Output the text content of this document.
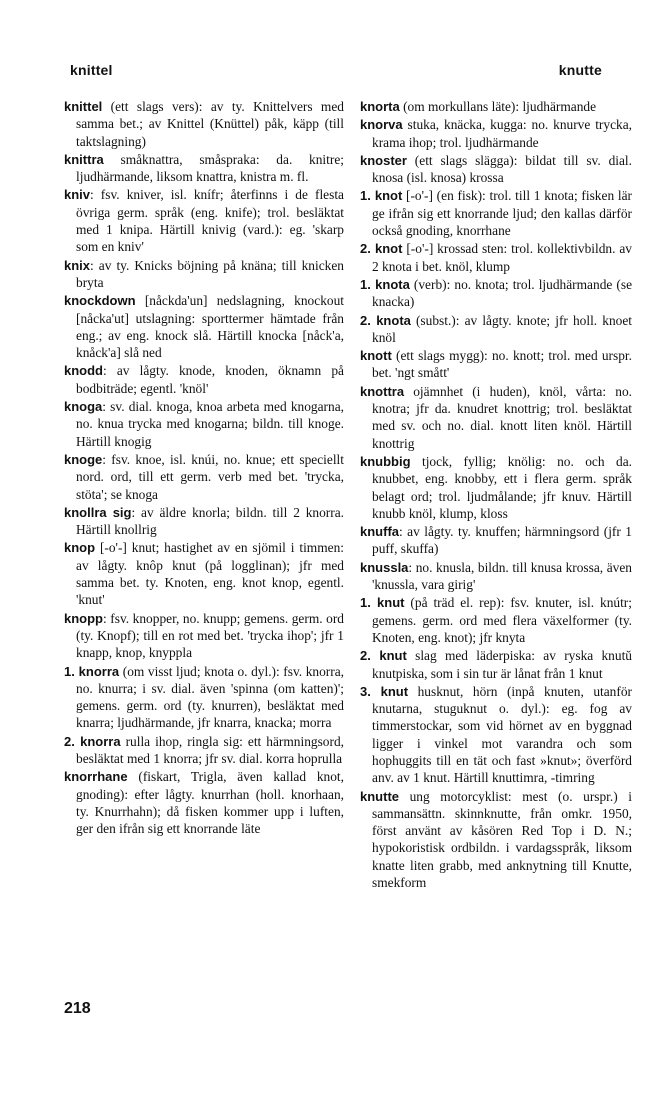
knittel	knutte

knittel (ett slags vers): av ty. Knittelvers med samma bet.; av Knittel (Knüttel) påk, käpp (till taktslagning)

knittra småknattra, småsprakа: da. knitre; ljudhärmande, liksom knattra, knistra m. fl.

kniv: fsv. kniver, isl. knífr; återfinns i de flesta övriga germ. språk (eng. knife); trol. besläktat med 1 knipa. Härtill knivig (vard.): eg. 'skarp som en kniv'

knix: av ty. Knicks böjning på knäna; till knicken bryta

knockdown [nåckda'un] nedslagning, knockout [nåcka'ut] utslagning: sporttermer hämtade från eng.; av eng. knock slå. Härtill knocka [nåck'a, knåck'a] slå ned

knodd: av lågty. knode, knoden, öknamn på bodbiträde; egentl. 'knöl'

knoga: sv. dial. knoga, knoa arbeta med knogarna, no. knua trycka med knogarna; bildn. till knoge. Härtill knogig

knoge: fsv. knoe, isl. knúi, no. knue; ett speciellt nord. ord, till ett germ. verb med bet. 'trycka, stöta'; se knoga

knollra sig: av äldre knorla; bildn. till 2 knorra. Härtill knollrig

knop [-o'-] knut; hastighet av en sjömil i timmen: av lågty. knôp knut (på logglinan); jfr med samma bet. ty. Knoten, eng. knot knop, egentl. 'knut'

knopp: fsv. knopper, no. knupp; gemens. germ. ord (ty. Knopf); till en rot med bet. 'trycka ihop'; jfr 1 knapp, knop, knyppla

1. knorra (om visst ljud; knota o. dyl.): fsv. knorra, no. knurra; i sv. dial. även 'spinna (om katten)'; gemens. germ. ord (ty. knurren), besläktat med knarra; ljudhärmande, jfr knarra, knacka; morra

2. knorra rulla ihop, ringla sig: ett härmningsord, besläktat med 1 knorra; jfr sv. dial. korra hoprulla

knorrhane (fiskart, Trigla, även kallad knot, gnoding): efter lågty. knurrhan (holl. knorhaan, ty. Knurrhahn); då fisken kommer upp i luften, ger den ifrån sig ett knorrande läte

knorta (om morkullans läte): ljudhärmande

knorva stuka, knäcka, kugga: no. knurve trycka, krama ihop; trol. ljudhärmande

knoster (ett slags slägga): bildat till sv. dial. knosa (isl. knosa) krossa

1. knot [-o'-] (en fisk): trol. till 1 knota; fisken lär ge ifrån sig ett knorrande ljud; den kallas därför också gnoding, knorrhane

2. knot [-o'-] krossad sten: trol. kollektivbildn. av 2 knota i bet. knöl, klump

1. knota (verb): no. knota; trol. ljudhärmande (se knacka)

2. knota (subst.): av lågty. knote; jfr holl. knoet knöl

knott (ett slags mygg): no. knott; trol. med urspr. bet. 'ngt smått'

knottra ojämnhet (i huden), knöl, vårta: no. knotra; jfr da. knudret knottrig; trol. besläktat med sv. och no. dial. knott liten knöl. Härtill knottrig

knubbig tjock, fyllig; knölig: no. och da. knubbet, eng. knobby, ett i flera germ. språk belagt ord; trol. ljudmålande; jfr knuv. Härtill knubb knöl, klump, kloss

knuffa: av lågty. ty. knuffen; härmningsord (jfr 1 puff, skuffa)

knussla: no. knusla, bildn. till knusa krossa, även 'knussla, vara girig'

1. knut (på träd el. rep): fsv. knuter, isl. knútr; gemens. germ. ord med flera växelformer (ty. Knoten, eng. knot); jfr knyta

2. knut slag med läderpiska: av ryska knutŭ knutpiska, som i sin tur är lånat från 1 knut

3. knut husknut, hörn (inpå knuten, utanför knutarna, stuguknut o. dyl.): eg. fog av timmerstockar, som vid hörnet av en byggnad ligger i vinkel mot varandra och som hophuggits till en tät och fast »knut»; överförd anv. av 1 knut. Härtill knuttimra, -timring

knutte ung motorcyklist: mest (o. urspr.) i sammansättn. skinnknutte, från omkr. 1950, först använt av kåsören Red Top i D. N.; hypokoristisk ordbildn. i vardagsspråk, liksom knatte liten grabb, med anknytning till Knutte, smekform

218
